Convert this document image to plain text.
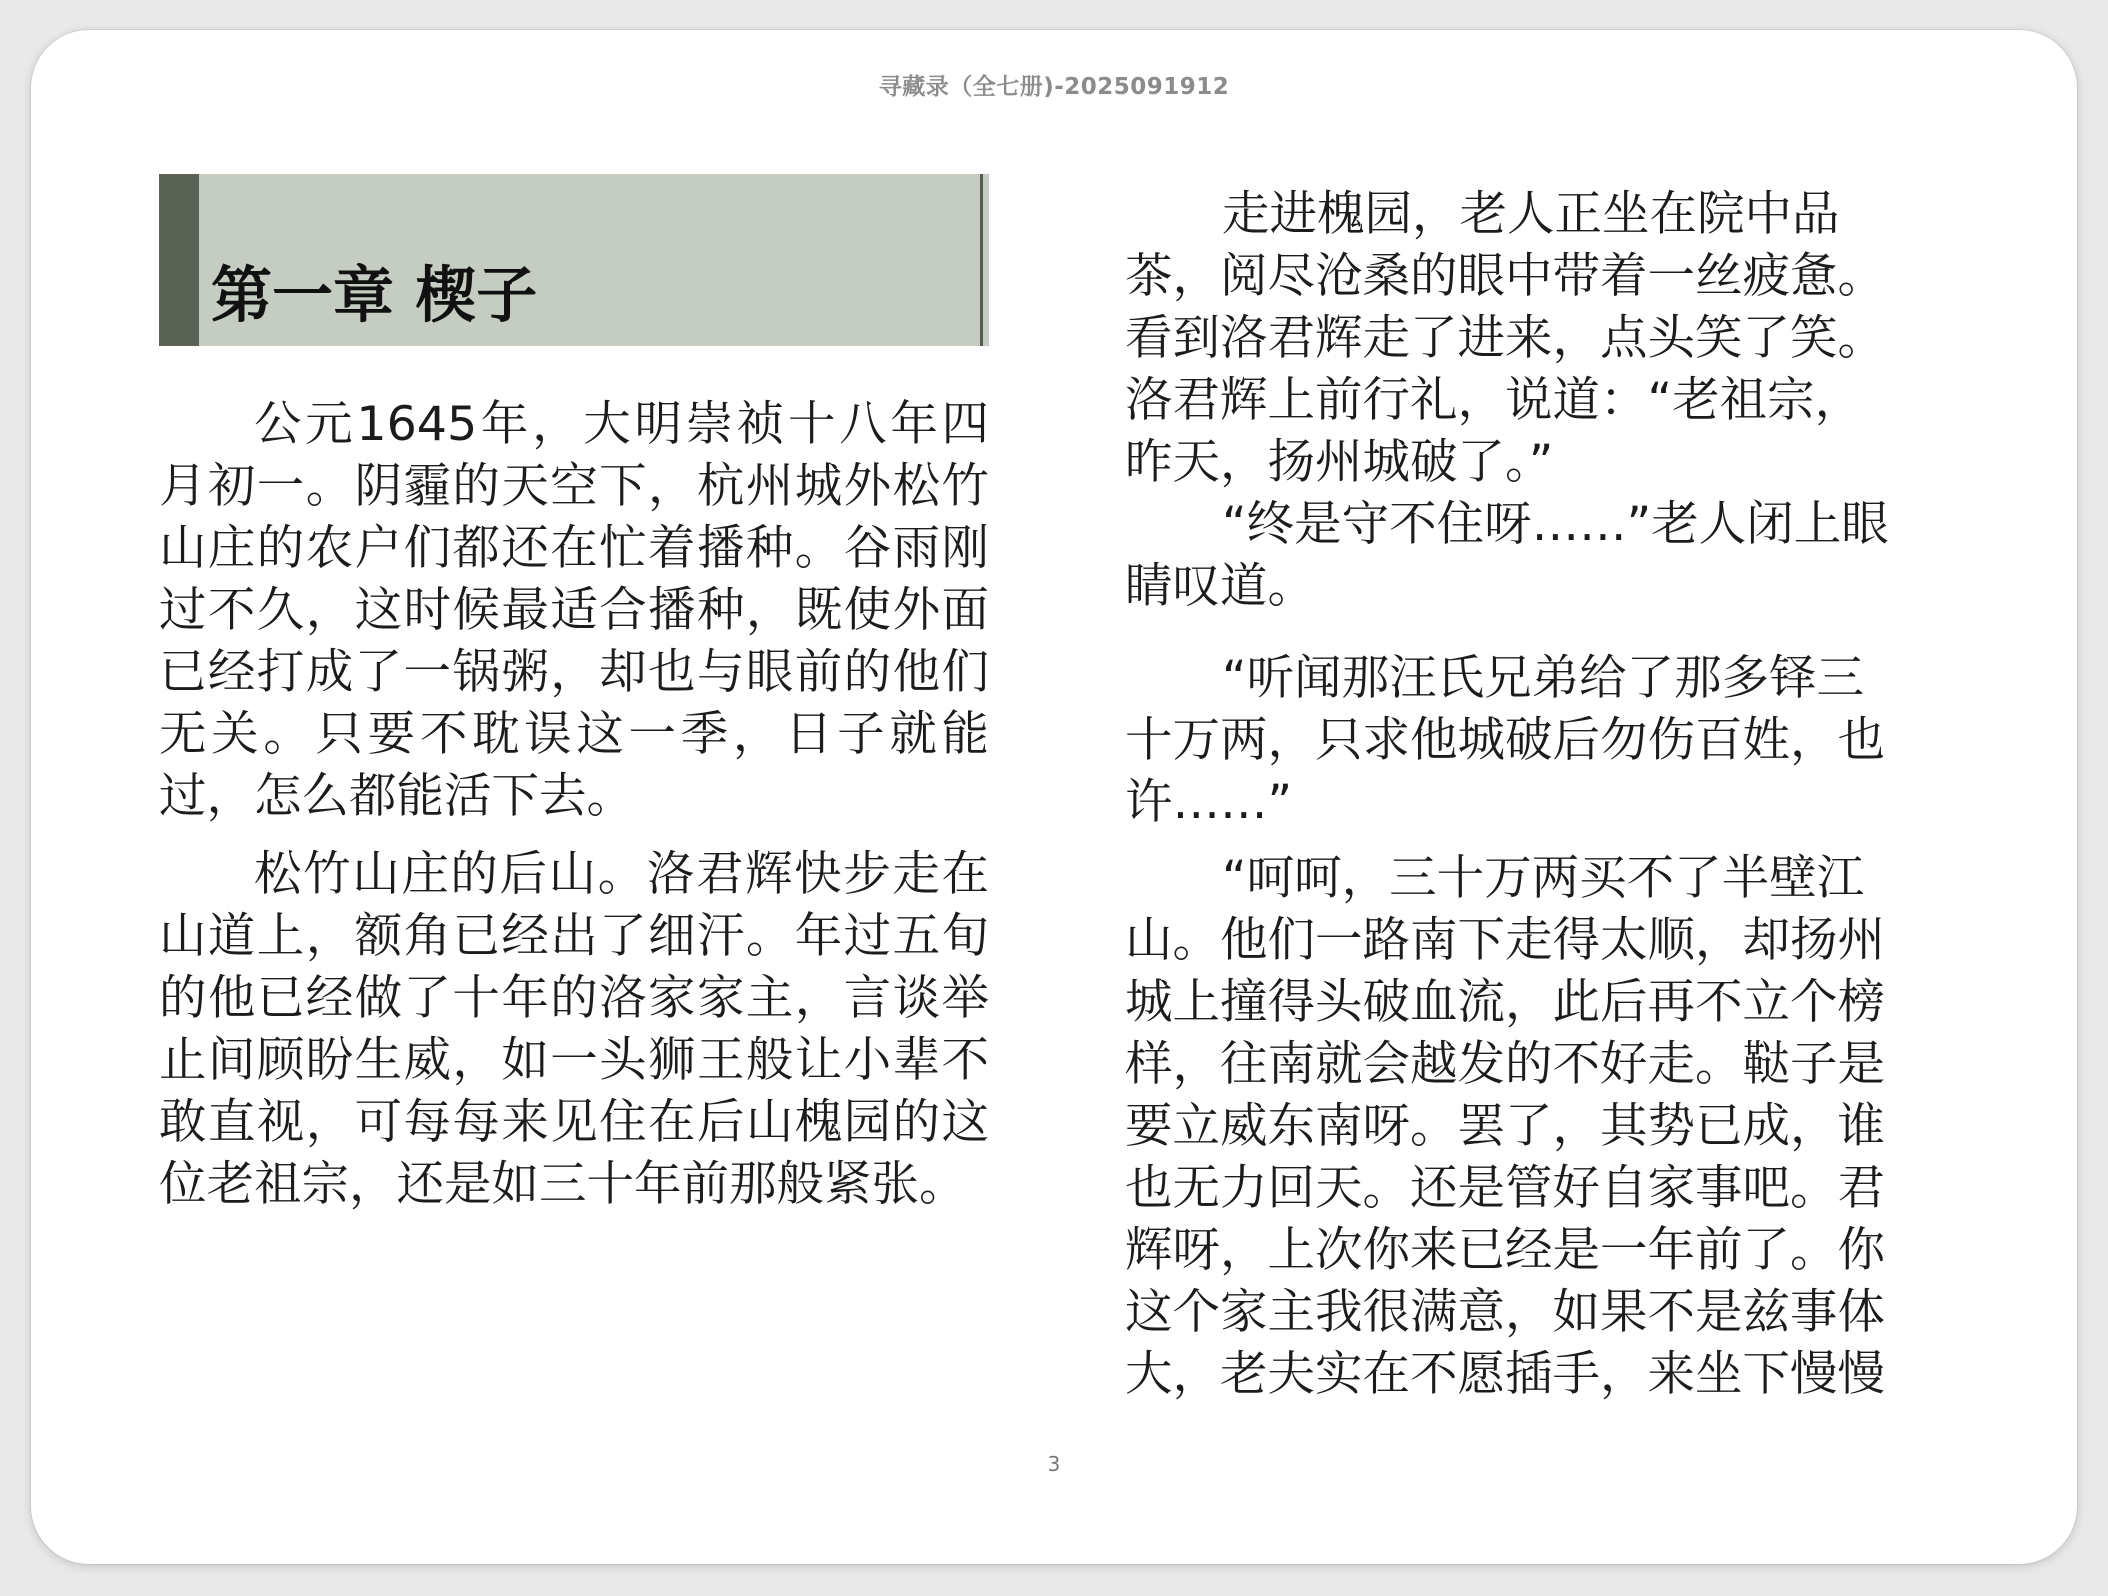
寻藏录（全七册)-2025091912
第一章 楔子

公元1645年，大明崇祯十八年四月初一。阴霾的天空下，杭州城外松竹山庄的农户们都还在忙着播种。谷雨刚过不久，这时候最适合播种，既使外面已经打成了一锅粥，却也与眼前的他们无关。只要不耽误这一季，日子就能过，怎么都能活下去。

松竹山庄的后山。洛君辉快步走在山道上，额角已经出了细汗。年过五旬的他已经做了十年的洛家家主，言谈举止间顾盼生威，如一头狮王般让小辈不敢直视，可每每来见住在后山槐园的这位老祖宗，还是如三十年前那般紧张。

走进槐园，老人正坐在院中品
茶，阅尽沧桑的眼中带着一丝疲惫。
看到洛君辉走了进来，点头笑了笑。
洛君辉上前行礼，说道：“老祖宗，
昨天，扬州城破了。”
“终是守不住呀……”老人闭上眼
睛叹道。
“听闻那汪氏兄弟给了那多铎三
十万两，只求他城破后勿伤百姓，也
许……”
“呵呵，三十万两买不了半壁江
山。他们一路南下走得太顺，却扬州
城上撞得头破血流，此后再不立个榜
样，往南就会越发的不好走。鞑子是
要立威东南呀。罢了，其势已成，谁
也无力回天。还是管好自家事吧。君
辉呀，上次你来已经是一年前了。你
这个家主我很满意，如果不是兹事体
大，老夫实在不愿插手，来坐下慢慢
3
